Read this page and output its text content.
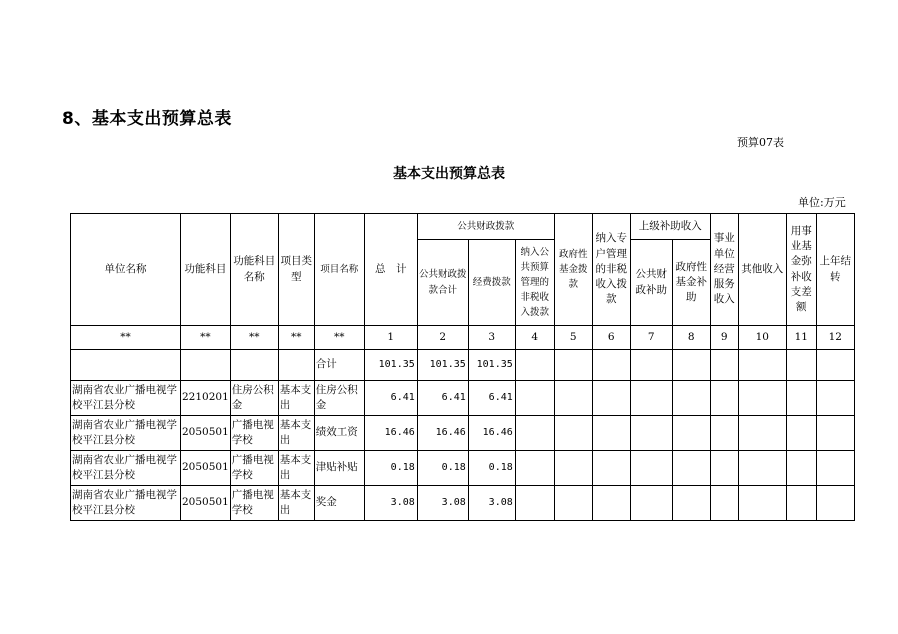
8、基本支出预算总表
预算07表
基本支出预算总表
单位:万元
单位名称	功能科目	功能科目名称	项目类型	项目名称	总　计	公共财政拨款			政府性基金拨款	纳入专户管理的非税收入拨款	上级补助收入		事业单位经营服务收入	其他收入	用事业基金弥补收支差额	上年结转
						公共财政拨款合计	经费拨款	纳入公共预算管理的非税收入拨款			公共财政补助	政府性基金补助				
**	**	**	**	**	1	2	3	4	5	6	7	8	9	10	11	12
				合计	101.35	101.35	101.35									
湖南省农业广播电视学校平江县分校	2210201	住房公积金	基本支出	住房公积金	6.41	6.41	6.41									
湖南省农业广播电视学校平江县分校	2050501	广播电视学校	基本支出	绩效工资	16.46	16.46	16.46									
湖南省农业广播电视学校平江县分校	2050501	广播电视学校	基本支出	津贴补贴	0.18	0.18	0.18									
湖南省农业广播电视学校平江县分校	2050501	广播电视学校	基本支出	奖金	3.08	3.08	3.08									
